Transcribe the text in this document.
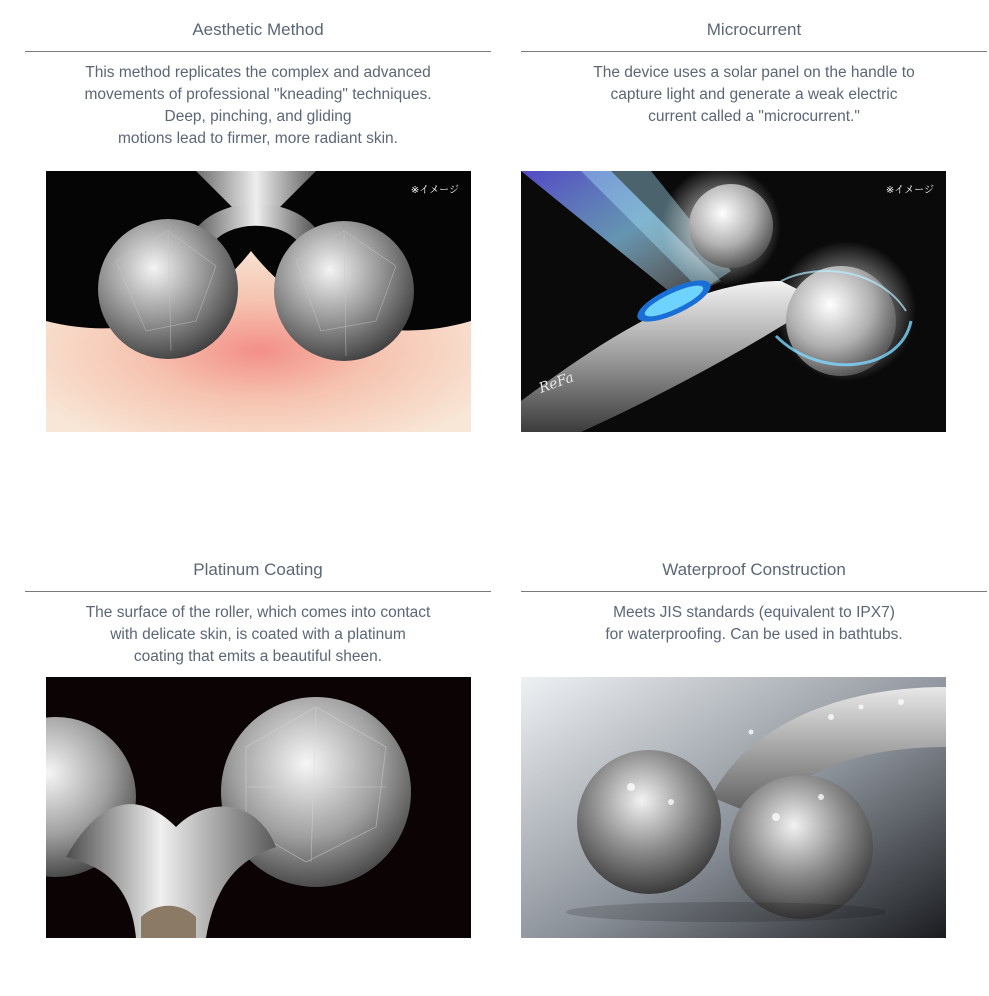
Aesthetic Method
This method replicates the complex and advanced
movements of professional "kneading" techniques.
Deep, pinching, and gliding
motions lead to firmer, more radiant skin.
※イメージ
Microcurrent
The device uses a solar panel on the handle to
capture light and generate a weak electric
current called a "microcurrent."
ReFa
※イメージ
Platinum Coating
The surface of the roller, which comes into contact
with delicate skin, is coated with a platinum
coating that emits a beautiful sheen.
Waterproof Construction
Meets JIS standards (equivalent to IPX7)
for waterproofing. Can be used in bathtubs.
